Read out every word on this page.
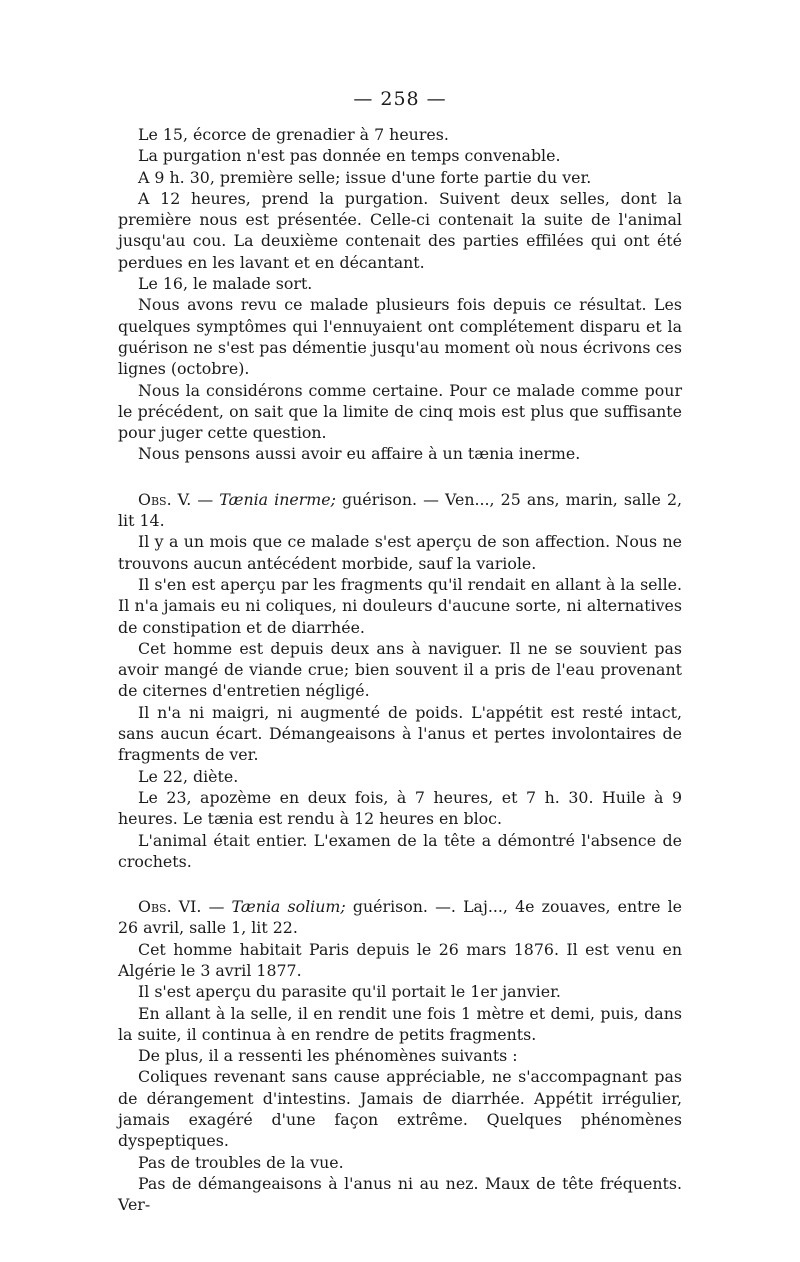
— 258 —

Le 15, écorce de grenadier à 7 heures.

La purgation n'est pas donnée en temps convenable.

A 9 h. 30, première selle; issue d'une forte partie du ver.

A 12 heures, prend la purgation. Suivent deux selles, dont la première nous est présentée. Celle-ci contenait la suite de l'animal jusqu'au cou. La deuxième contenait des parties effilées qui ont été perdues en les lavant et en décantant.

Le 16, le malade sort.

Nous avons revu ce malade plusieurs fois depuis ce résultat. Les quelques symptômes qui l'ennuyaient ont complétement disparu et la guérison ne s'est pas démentie jusqu'au moment où nous écrivons ces lignes (octobre).

Nous la considérons comme certaine. Pour ce malade comme pour le précédent, on sait que la limite de cinq mois est plus que suffisante pour juger cette question.

Nous pensons aussi avoir eu affaire à un tænia inerme.

Obs. V. — Tænia inerme; guérison. — Ven..., 25 ans, marin, salle 2, lit 14.

Il y a un mois que ce malade s'est aperçu de son affection. Nous ne trouvons aucun antécédent morbide, sauf la variole.

Il s'en est aperçu par les fragments qu'il rendait en allant à la selle. Il n'a jamais eu ni coliques, ni douleurs d'aucune sorte, ni alternatives de constipation et de diarrhée.

Cet homme est depuis deux ans à naviguer. Il ne se souvient pas avoir mangé de viande crue; bien souvent il a pris de l'eau provenant de citernes d'entretien négligé.

Il n'a ni maigri, ni augmenté de poids. L'appétit est resté intact, sans aucun écart. Démangeaisons à l'anus et pertes involontaires de fragments de ver.

Le 22, diète.

Le 23, apozème en deux fois, à 7 heures, et 7 h. 30. Huile à 9 heures. Le tænia est rendu à 12 heures en bloc.

L'animal était entier. L'examen de la tête a démontré l'absence de crochets.

Obs. VI. — Tænia solium; guérison. —. Laj..., 4e zouaves, entre le 26 avril, salle 1, lit 22.

Cet homme habitait Paris depuis le 26 mars 1876. Il est venu en Algérie le 3 avril 1877.

Il s'est aperçu du parasite qu'il portait le 1er janvier.

En allant à la selle, il en rendit une fois 1 mètre et demi, puis, dans la suite, il continua à en rendre de petits fragments.

De plus, il a ressenti les phénomènes suivants :

Coliques revenant sans cause appréciable, ne s'accompagnant pas de dérangement d'intestins. Jamais de diarrhée. Appétit irrégulier, jamais exagéré d'une façon extrême. Quelques phénomènes dyspeptiques.

Pas de troubles de la vue.

Pas de démangeaisons à l'anus ni au nez. Maux de tête fréquents. Ver-
